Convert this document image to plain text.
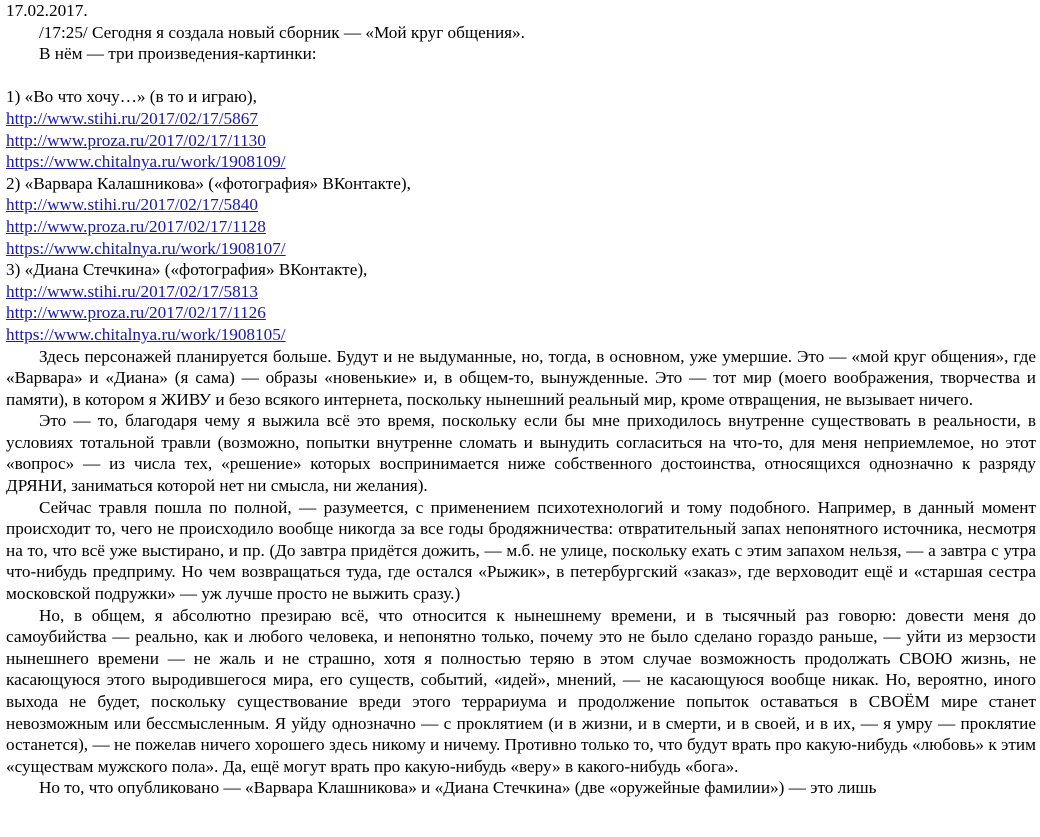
17.02.2017.
/17:25/ Сегодня я создала новый сборник — «Мой круг общения».
В нём — три произведения-картинки:
1) «Во что хочу…» (в то и играю),
http://www.stihi.ru/2017/02/17/5867
http://www.proza.ru/2017/02/17/1130
https://www.chitalnya.ru/work/1908109/
2) «Варвара Калашникова» («фотография» ВКонтакте),
http://www.stihi.ru/2017/02/17/5840
http://www.proza.ru/2017/02/17/1128
https://www.chitalnya.ru/work/1908107/
3) «Диана Стечкина» («фотография» ВКонтакте),
http://www.stihi.ru/2017/02/17/5813
http://www.proza.ru/2017/02/17/1126
https://www.chitalnya.ru/work/1908105/

Здесь персонажей планируется больше. Будут и не выдуманные, но, тогда, в основном, уже умершие. Это — «мой круг общения», где «Варвара» и «Диана» (я сама) — образы «новенькие» и, в общем-то, вынужденные. Это — тот мир (моего воображения, творчества и памяти), в котором я ЖИВУ и безо всякого интернета, поскольку нынешний реальный мир, кроме отвращения, не вызывает ничего.

Это — то, благодаря чему я выжила всё это время, поскольку если бы мне приходилось внутренне существовать в реальности, в условиях тотальной травли (возможно, попытки внутренне сломать и вынудить согласиться на что-то, для меня неприемлемое, но этот «вопрос» — из числа тех, «решение» которых воспринимается ниже собственного достоинства, относящихся однозначно к разряду ДРЯНИ, заниматься которой нет ни смысла, ни желания).

Сейчас травля пошла по полной, — разумеется, с применением психотехнологий и тому подобного. Например, в данный момент происходит то, чего не происходило вообще никогда за все годы бродяжничества: отвратительный запах непонятного источника, несмотря на то, что всё уже выстирано, и пр. (До завтра придётся дожить, — м.б. не улице, поскольку ехать с этим запахом нельзя, — а завтра с утра что-нибудь предприму. Но чем возвращаться туда, где остался «Рыжик», в петербургский «заказ», где верховодит ещё и «старшая сестра московской подружки» — уж лучше просто не выжить сразу.)

Но, в общем, я абсолютно презираю всё, что относится к нынешнему времени, и в тысячный раз говорю: довести меня до самоубийства — реально, как и любого человека, и непонятно только, почему это не было сделано гораздо раньше, — уйти из мерзости нынешнего времени — не жаль и не страшно, хотя я полностью теряю в этом случае возможность продолжать СВОЮ жизнь, не касающуюся этого выродившегося мира, его существ, событий, «идей», мнений, — не касающуюся вообще никак. Но, вероятно, иного выхода не будет, поскольку существование вреди этого террариума и продолжение попыток оставаться в СВОЁМ мире станет невозможным или бессмысленным. Я уйду однозначно — с проклятием (и в жизни, и в смерти, и в своей, и в их, — я умру — проклятие останется), — не пожелав ничего хорошего здесь никому и ничему. Противно только то, что будут врать про какую-нибудь «любовь» к этим «существам мужского пола». Да, ещё могут врать про какую-нибудь «веру» в какого-нибудь «бога».

Но то, что опубликовано — «Варвара Клашникова» и «Диана Стечкина» (две «оружейные фамилии») — это лишь
